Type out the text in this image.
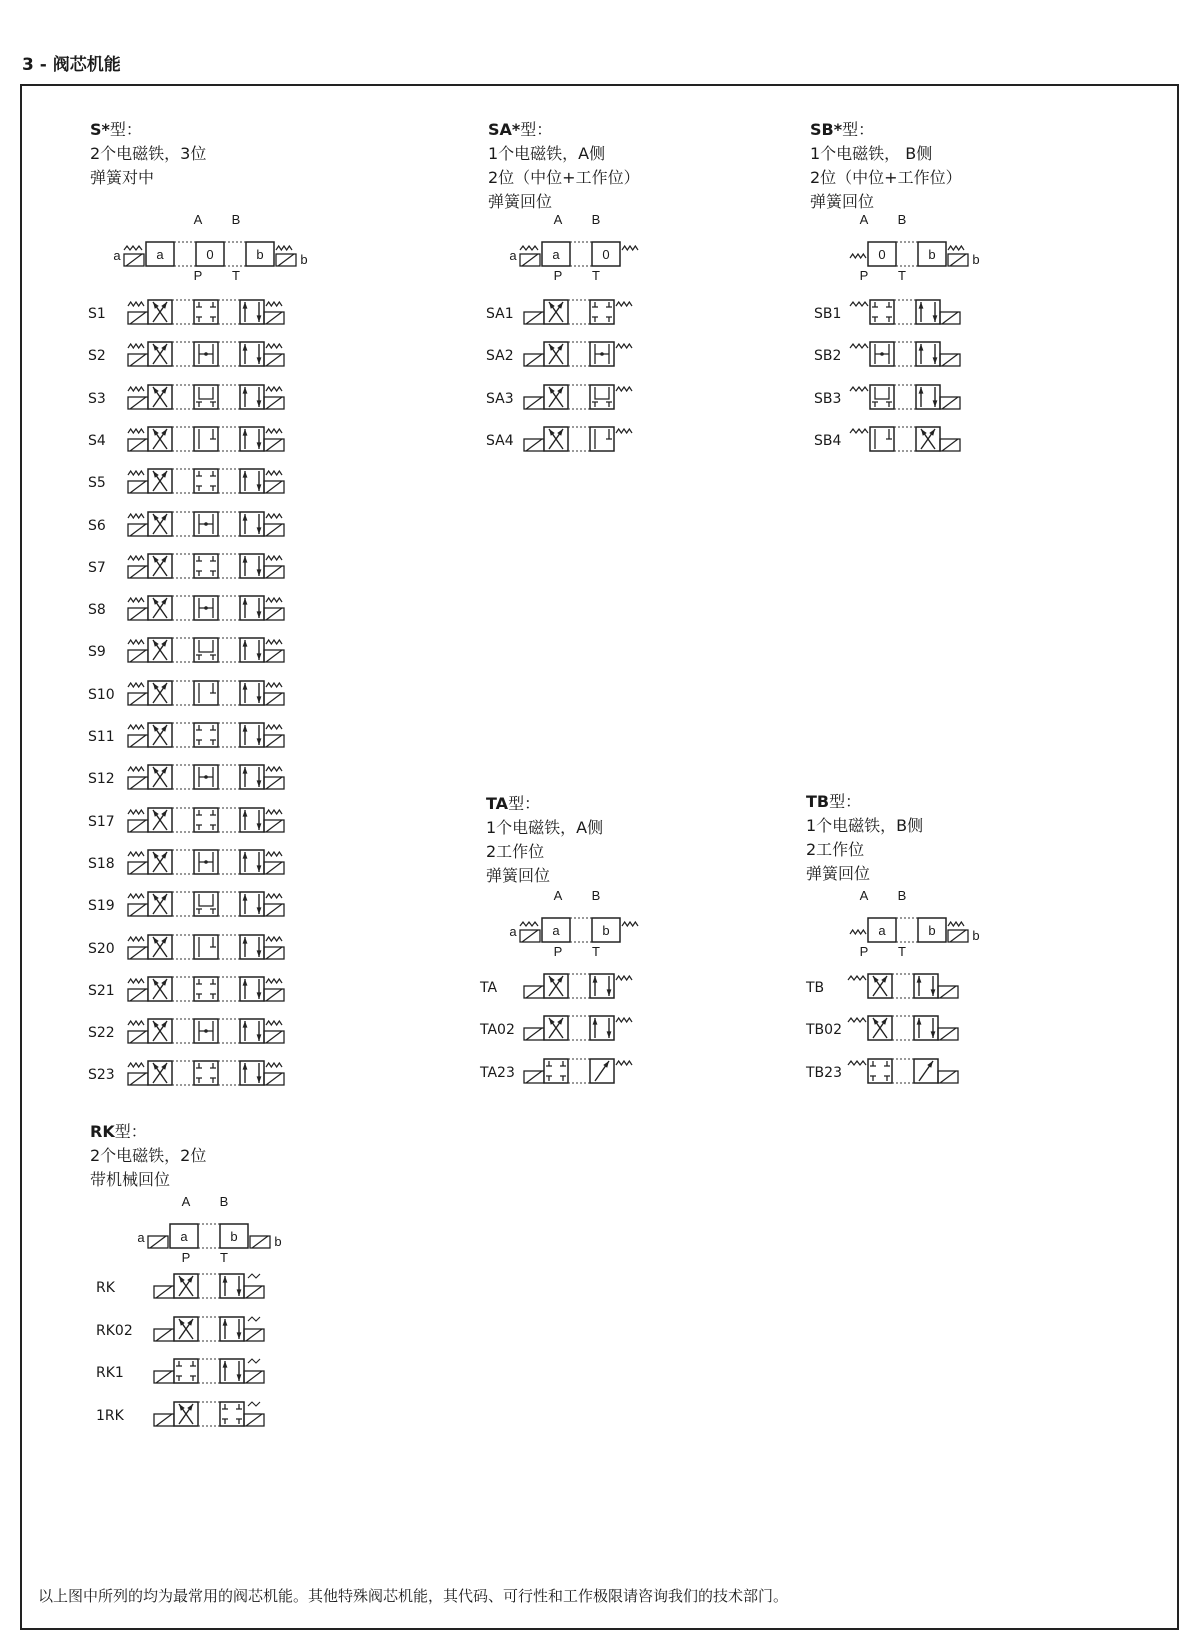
3 - 阀芯机能
S*型：
2个电磁铁，3位
弹簧对中
SA*型：
1个电磁铁，A侧
2位（中位+工作位）
弹簧回位
SB*型：
1个电磁铁， B侧
2位（中位+工作位）
弹簧回位
TA型：
1个电磁铁，A侧
2工作位
弹簧回位
TB型：
1个电磁铁，B侧
2工作位
弹簧回位
RK型：
2个电磁铁，2位
带机械回位
a	a	0	b	b
A B
P T
S1
S2
S3
S4
S5
S6
S7
S8
S9
S10
S11
S12
S17
S18
S19
S20
S21
S22
S23
a	a	0
A B
P T
SA1
SA2
SA3
SA4
0	b	b
A B
P T
SB1
SB2
SB3
SB4
a	a	b
A B
P T
TA
TA02
TA23
a	b	b
A B
P T
TB
TB02
TB23
a	a	b	b
A B
P T
RK
RK02
RK1
1RK
以上图中所列的均为最常用的阀芯机能。其他特殊阀芯机能，其代码、可行性和工作极限请咨询我们的技术部门。
